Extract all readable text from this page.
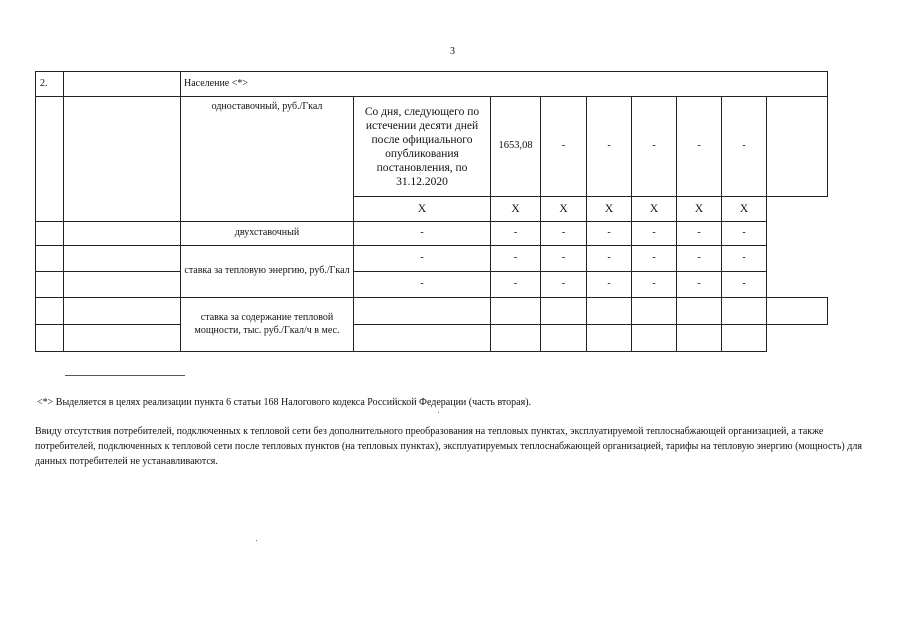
3
2.		Население <*>								
		одноставочный, руб./Гкал	Со дня, следующего по истечении десяти дней после официального опубликования постановления, по 31.12.2020	1653,08	-	-	-	-	-	
			X	X	X	X	X	X	X	
		двухставочный	-	-	-	-	-	-	-	
		ставка за тепловую энергию, руб./Гкал	-	-	-	-	-	-	-	
			-	-	-	-	-	-	-	
		ставка за содержание тепловой мощности, тыс. руб./Гкал/ч в мес.								

<*> Выделяется в целях реализации пункта 6 статьи 168 Налогового кодекса Российской Федерации (часть вторая).
Ввиду отсутствия потребителей, подключенных к тепловой сети без дополнительного преобразования на тепловых пунктах, эксплуатируемой теплоснабжающей организацией, а также потребителей, подключенных к тепловой сети после тепловых пунктов (на тепловых пунктах), эксплуатируемых теплоснабжающей организацией, тарифы на тепловую энергию (мощность) для данных потребителей не устанавливаются.
